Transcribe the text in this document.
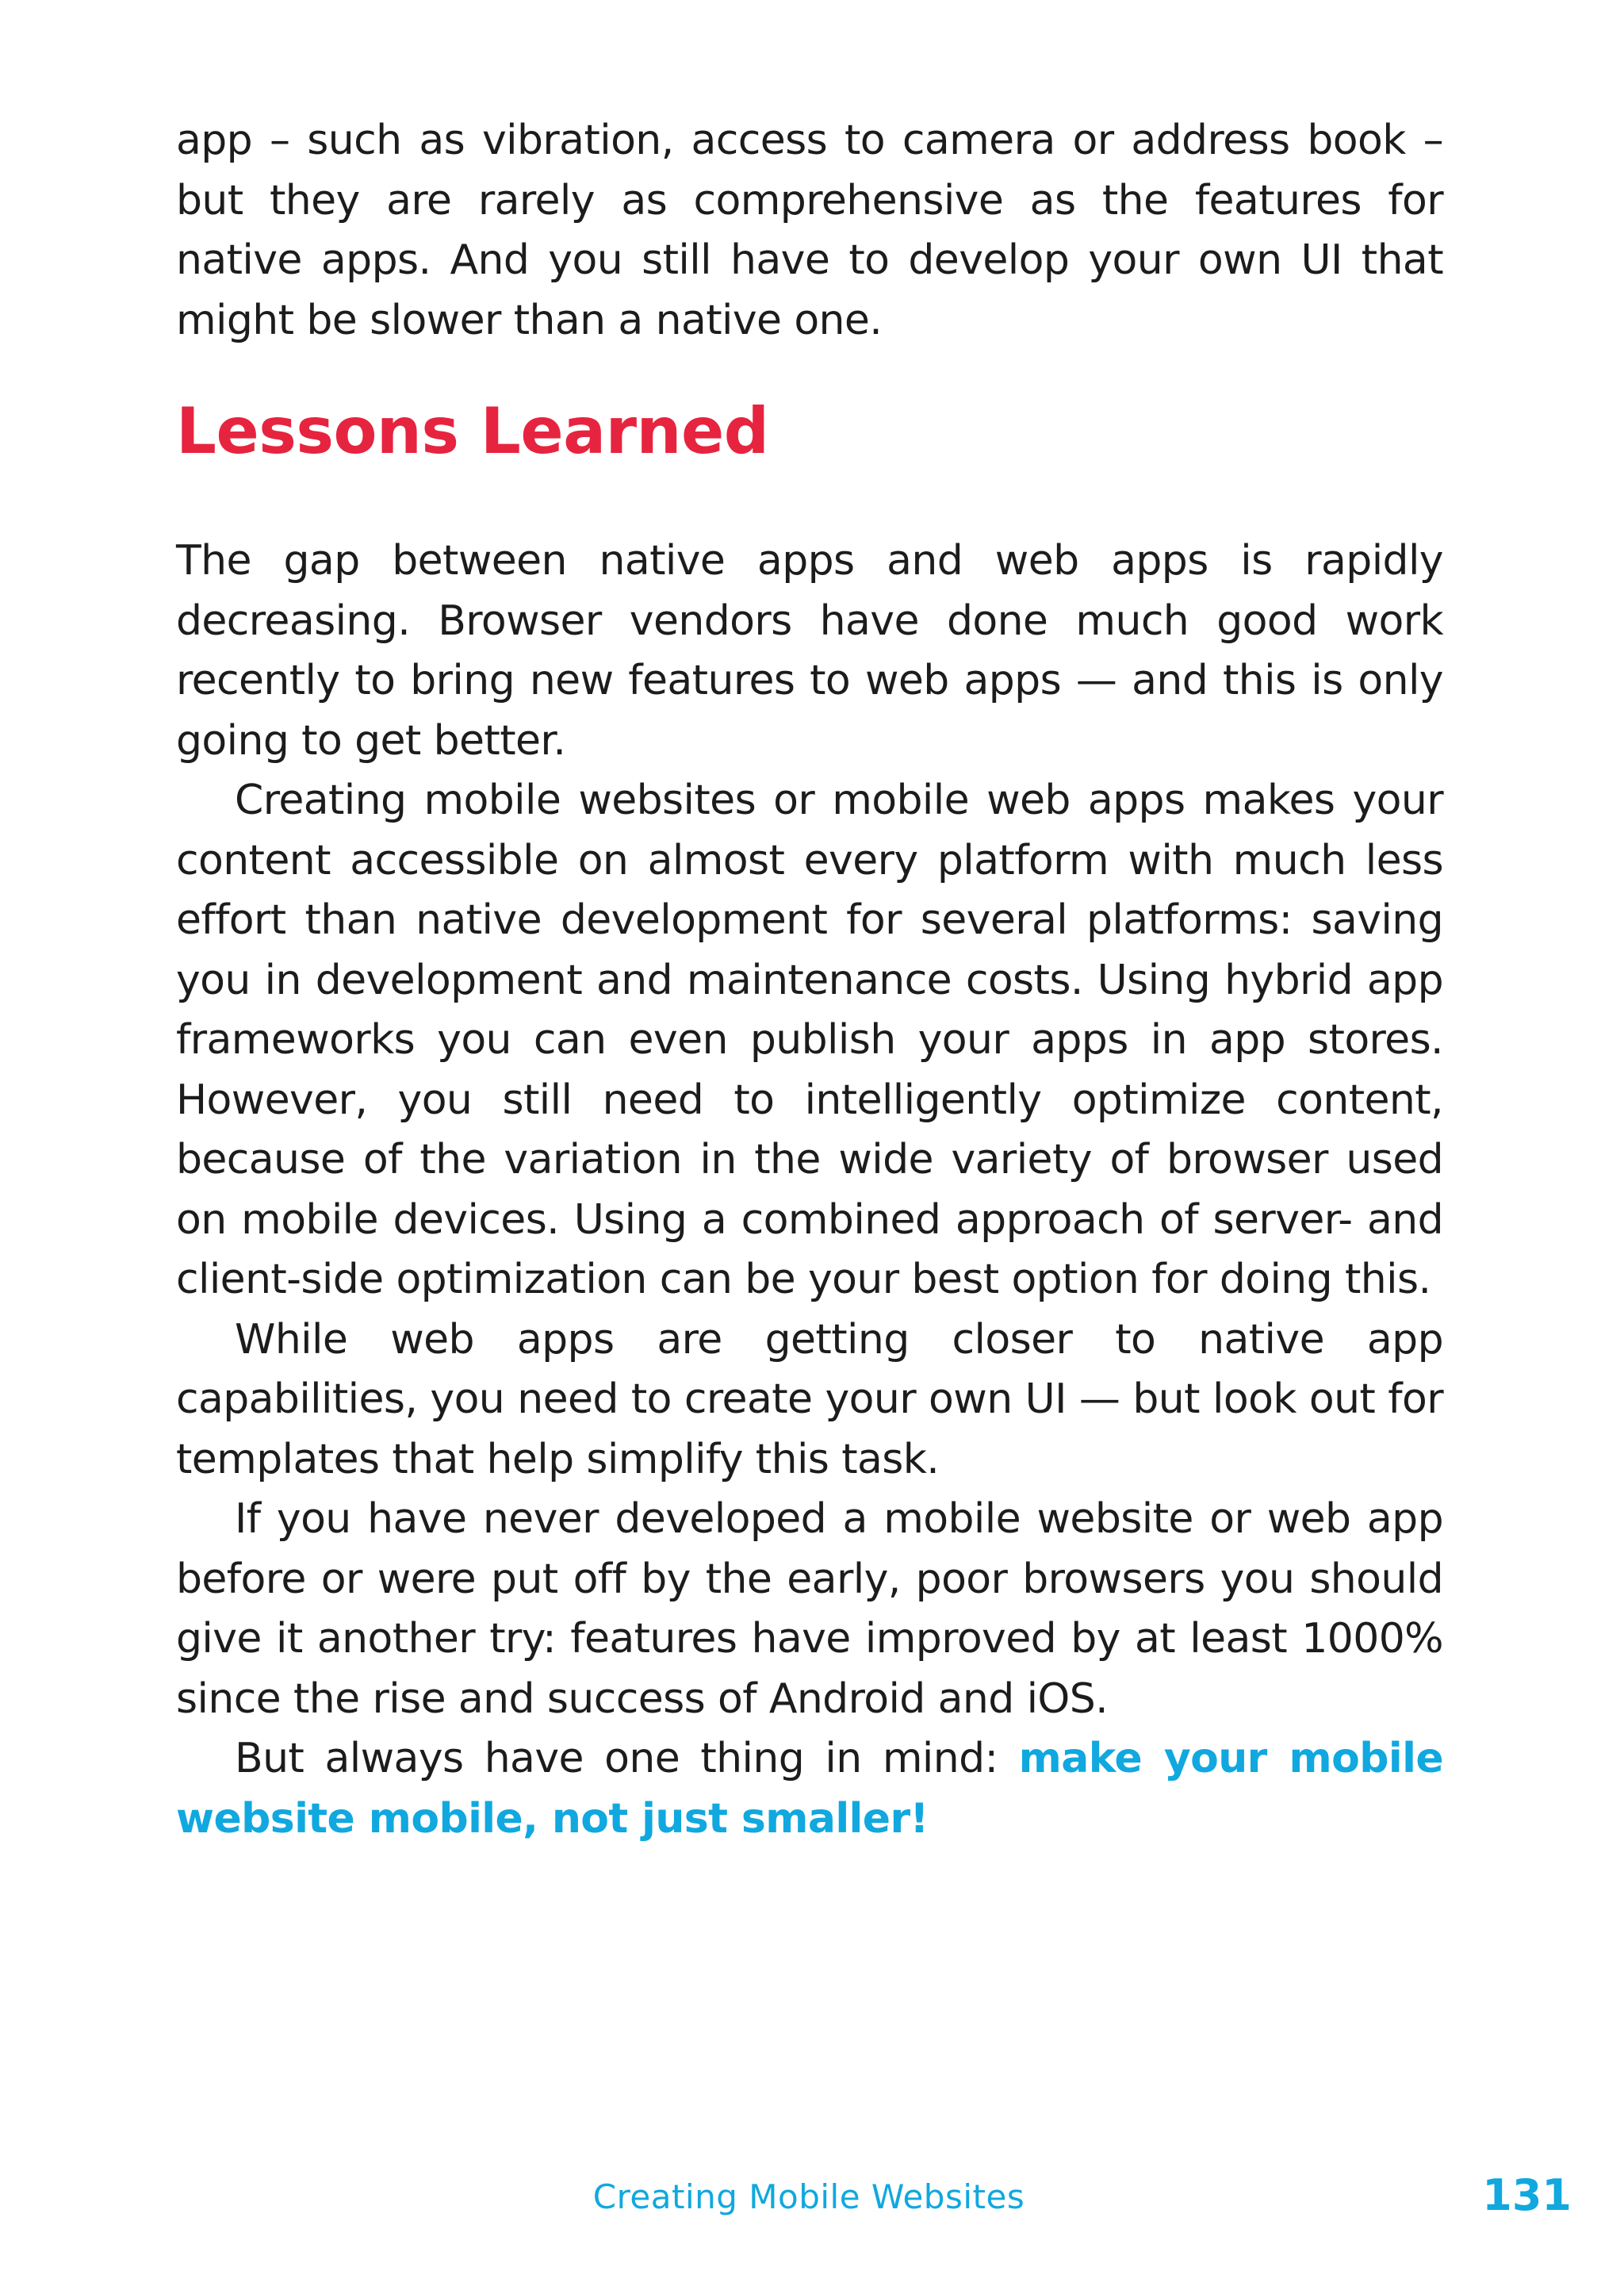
app – such as vibration, access to camera or address book – but they are rarely as comprehensive as the features for native apps. And you still have to develop your own UI that might be slower than a native one.

Lessons Learned

The gap between native apps and web apps is rapidly decreasing. Browser vendors have done much good work recently to bring new features to web apps — and this is only going to get better.

Creating mobile websites or mobile web apps makes your content accessible on almost every platform with much less effort than native development for several platforms: saving you in development and maintenance costs. Using hybrid app frameworks you can even publish your apps in app stores. However, you still need to intelligently optimize content, because of the variation in the wide variety of browser used on mobile devices. Using a combined approach of server- and client-side optimization can be your best option for doing this.

While web apps are getting closer to native app capabilities, you need to create your own UI — but look out for templates that help simplify this task.

If you have never developed a mobile website or web app before or were put off by the early, poor browsers you should give it another try: features have improved by at least 1000% since the rise and success of Android and iOS.

But always have one thing in mind: make your mobile website mobile, not just smaller!

Creating Mobile Websites	131
